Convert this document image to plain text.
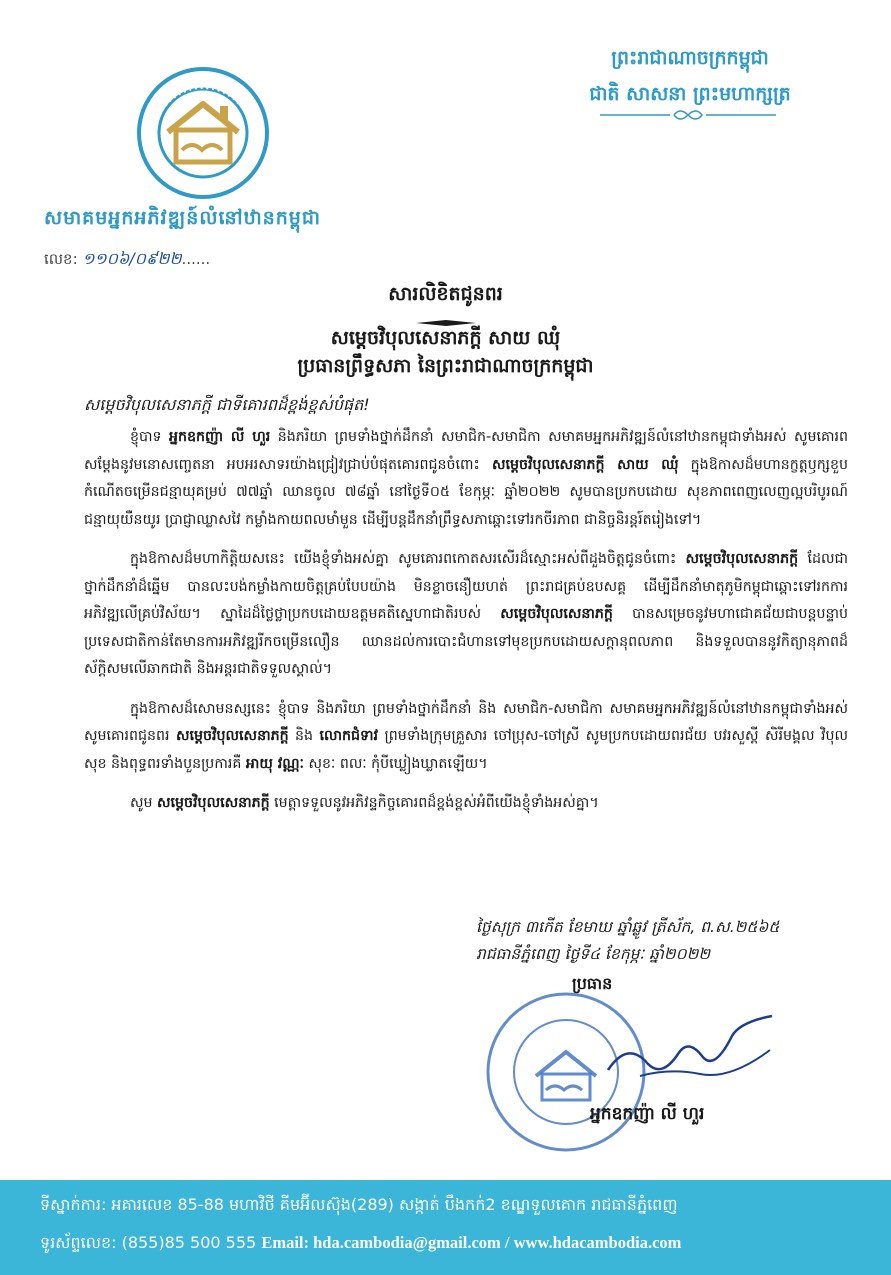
សមាគមអ្នកអភិវឌ្ឍន៍លំនៅឋានកម្ពុជា
លេខ: ១១០៦/០៩២២......
ព្រះរាជាណាចក្រកម្ពុជា
ជាតិ សាសនា ព្រះមហាក្សត្រ
សារលិខិតជូនពរ
សម្តេចវិបុលសេនាភក្តី សាយ ឈុំ
ប្រធានព្រឹទ្ធសភា នៃព្រះរាជាណាចក្រកម្ពុជា
សម្តេចវិបុលសេនាភក្តី ជាទីគោរពដ៏ខ្ពង់ខ្ពស់បំផុត!

ខ្ញុំបាទ អ្នកឧកញ៉ា លី ហួរ និងភរិយា ព្រមទាំងថ្នាក់ដឹកនាំ សមាជិក-សមាជិកា សមាគមអ្នកអភិវឌ្ឍន៍លំនៅឋានកម្ពុជាទាំងអស់ សូមគោរពសម្តែងនូវមនោសញ្ចេតនា អបអរសាទរយ៉ាងជ្រៀវជ្រាប់បំផុតគោរពជូនចំពោះ សម្តេចវិបុលសេនាភក្តី សាយ ឈុំ ក្នុងឱកាសដ៏មហានក្ខត្តឫក្សខួបកំណើតចម្រើនជន្មាយុគម្រប់ ៧៧ឆ្នាំ ឈានចូល ៧៨ឆ្នាំ នៅថ្ងៃទី០៥ ខែកុម្ភៈ ឆ្នាំ២០២២ សូមបានប្រកបដោយ សុខភាពពេញលេញល្អបរិបូរណ៍ ជន្មាយុយឺនយូរ ប្រាជ្ញាឈ្លាសវៃ កម្លាំងកាយពលមាំមួន ដើម្បីបន្តដឹកនាំព្រឹទ្ធសភាឆ្ពោះទៅរកចីរភាព ជានិច្ចនិរន្តរ៍តរៀងទៅ។

ក្នុងឱកាសដ៏មហាកិត្តិយសនេះ យើងខ្ញុំទាំងអស់គ្នា សូមគោរពកោតសរសើរដ៏ស្មោះអស់ពីដួងចិត្តជូនចំពោះ សម្តេចវិបុលសេនាភក្តី ដែលជាថ្នាក់ដឹកនាំដ៏ឆ្នើម បានលះបង់កម្លាំងកាយចិត្តគ្រប់បែបយ៉ាង មិនខ្លាចនឿយហត់ ព្រះរាជគ្រប់ឧបសគ្គ ដើម្បីដឹកនាំមាតុភូមិកម្ពុជាឆ្ពោះទៅរកការអភិវឌ្ឍលើគ្រប់វិស័យ។ ស្នាដៃដ៏ថ្លៃថ្លាប្រកបដោយឧត្តមគតិស្នេហាជាតិរបស់ សម្តេចវិបុលសេនាភក្តី បានសម្រេចនូវមហាជោគជ័យជាបន្តបន្ទាប់ ប្រទេសជាតិកាន់តែមានការអភិវឌ្ឍរីកចម្រើនលឿន ឈានដល់ការបោះជំហានទៅមុខប្រកបដោយសក្តានុពលភាព និងទទួលបាននូវកិត្យានុភាពដ៏ស័ក្តិសមលើឆាកជាតិ និងអន្តរជាតិទទួលស្គាល់។

ក្នុងឱកាសដ៏សោមនស្សនេះ ខ្ញុំបាទ និងភរិយា ព្រមទាំងថ្នាក់ដឹកនាំ និង សមាជិក-សមាជិកា សមាគមអ្នកអភិវឌ្ឍន៍លំនៅឋានកម្ពុជាទាំងអស់ សូមគោរពជូនពរ សម្តេចវិបុលសេនាភក្តី និង លោកជំទាវ ព្រមទាំងក្រុមគ្រួសារ ចៅប្រុស-ចៅស្រី សូមប្រកបដោយពរជ័យ បវរសួស្តី សិរីមង្គល វិបុលសុខ និងពុទ្ធពរទាំងបួនប្រការគឺ អាយុ វណ្ណៈ សុខៈ ពលៈ កុំបីឃ្លៀងឃ្លាតឡើយ។

សូម សម្តេចវិបុលសេនាភក្តី មេត្តាទទួលនូវអភិវន្ទកិច្ចគោរពដ៏ខ្ពង់ខ្ពស់អំពីយើងខ្ញុំទាំងអស់គ្នា។

ថ្ងៃសុក្រ ៣កើត ខែមាឃ ឆ្នាំឆ្លូវ ត្រីស័ក, ព.ស.២៥៦៥
រាជធានីភ្នំពេញ ថ្ងៃទី៤ ខែកុម្ភៈ ឆ្នាំ២០២២
ប្រធាន
អ្នកឧកញ៉ា លី ហួរ
ទីស្នាក់ការ: អគារលេខ 85-88 មហាវិថី គីមអ៊ីលស៊ុង(289) សង្កាត់ បឹងកក់2 ខណ្ឌទួលគោក រាជធានីភ្នំពេញ
ទូរស័ព្ទលេខ: (855)85 500 555 Email: hda.cambodia@gmail.com / www.hdacambodia.com
